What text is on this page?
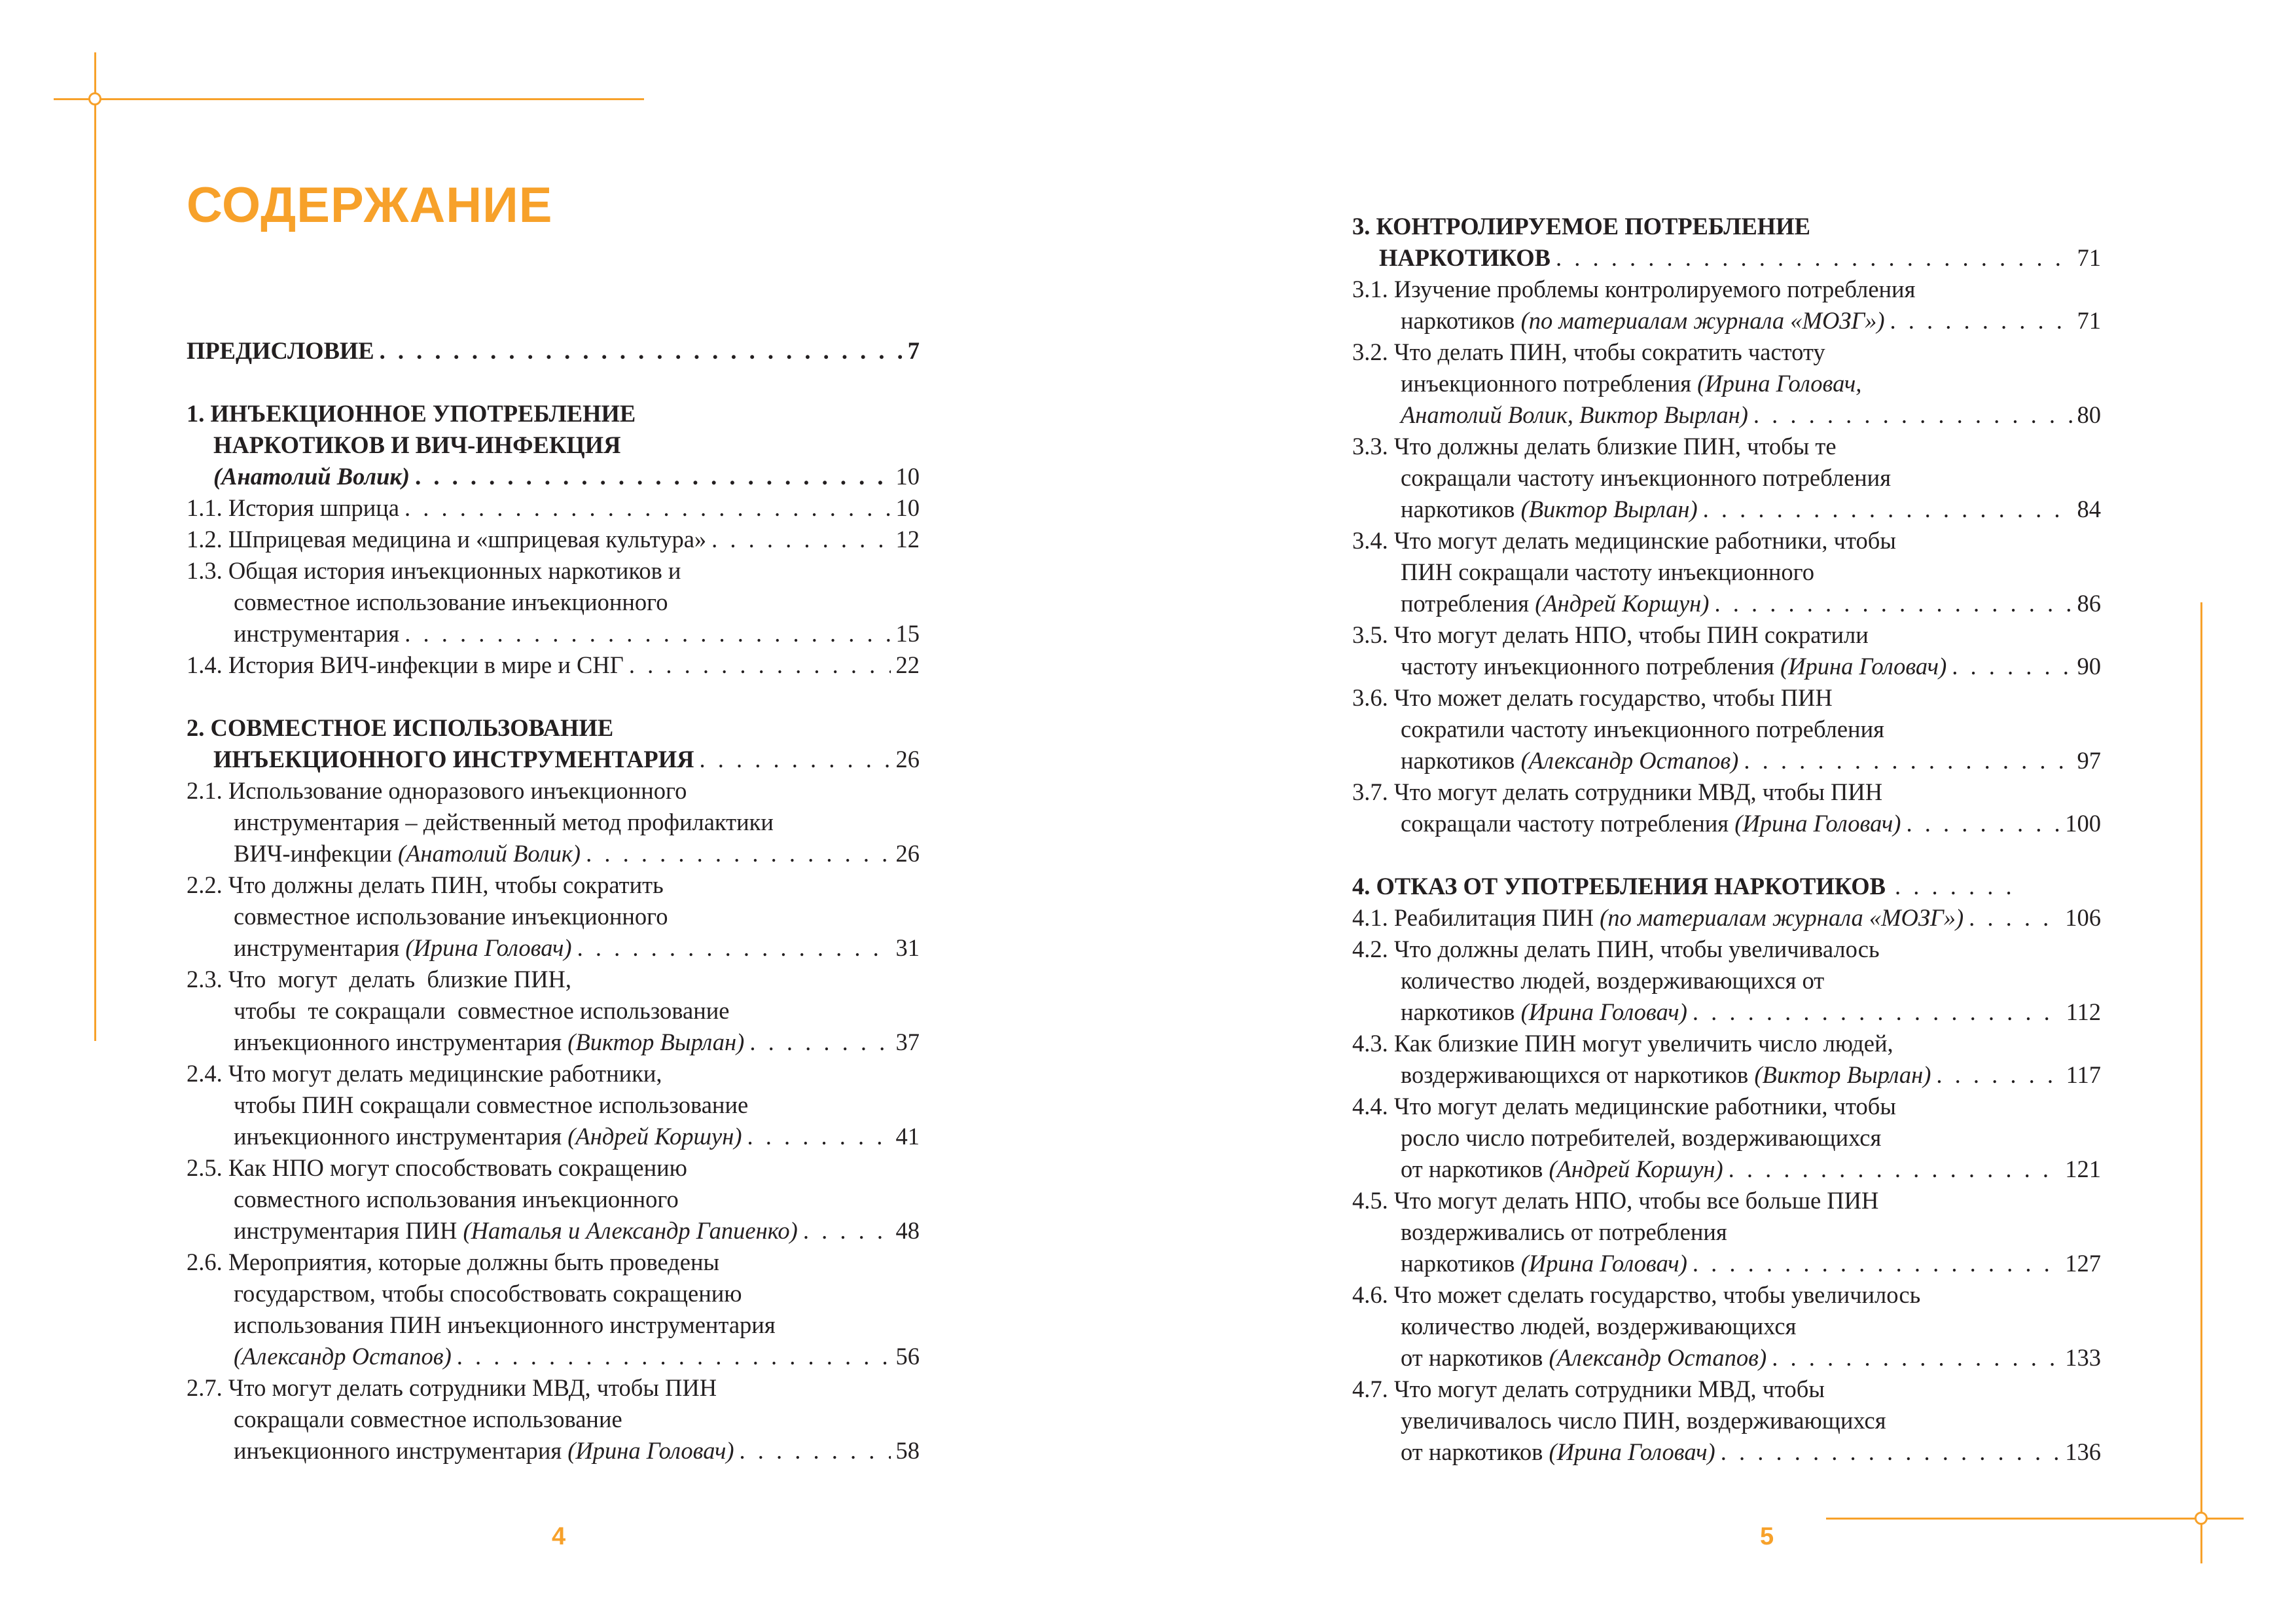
СОДЕРЖАНИЕ
ПРЕДИСЛОВИЕ . . .	7
1. ИНЪЕКЦИОННОЕ УПОТРЕБЛЕНИЕ
НАРКОТИКОВ И ВИЧ-ИНФЕКЦИЯ
(Анатолий Волик) . . .	10
1.1. История шприца . . .	10
1.2. Шприцевая медицина и «шприцевая культура» . . .	12
1.3. Общая история инъекционных наркотиков и
совместное использование инъекционного
инструментария . . .	15
1.4. История ВИЧ-инфекции в мире и СНГ . . .	22
2. СОВМЕСТНОЕ ИСПОЛЬЗОВАНИЕ
ИНЪЕКЦИОННОГО ИНСТРУМЕНТАРИЯ . . .	26
2.1. Использование одноразового инъекционного
инструментария – действенный метод профилактики
ВИЧ-инфекции (Анатолий Волик) . . .	26
2.2. Что должны делать ПИН, чтобы сократить
совместное использование инъекционного
инструментария (Ирина Головач) . . .	31
2.3. Что  могут  делать  близкие ПИН,
чтобы  те сокращали  совместное использование
инъекционного инструментария (Виктор Вырлан) . . .	37
2.4. Что могут делать медицинские работники,
чтобы ПИН сокращали совместное использование
инъекционного инструментария (Андрей Коршун) . . .	41
2.5. Как НПО могут способствовать сокращению
совместного использования инъекционного
инструментария ПИН (Наталья и Александр Гапиенко) . . .	48
2.6. Мероприятия, которые должны быть проведены
государством, чтобы способствовать сокращению
использования ПИН инъекционного инструментария
(Александр Остапов) . . .	56
2.7. Что могут делать сотрудники МВД, чтобы ПИН
сокращали совместное использование
инъекционного инструментария (Ирина Головач) . . .	58
3. КОНТРОЛИРУЕМОЕ ПОТРЕБЛЕНИЕ
НАРКОТИКОВ . . .	71
3.1. Изучение проблемы контролируемого потребления
наркотиков (по материалам журнала «МОЗГ») . . .	71
3.2. Что делать ПИН, чтобы сократить частоту
инъекционного потребления (Ирина Головач,
Анатолий Волик, Виктор Вырлан) . . .	80
3.3. Что должны делать близкие ПИН, чтобы те
сокращали частоту инъекционного потребления
наркотиков (Виктор Вырлан) . . .	84
3.4. Что могут делать медицинские работники, чтобы
ПИН сокращали частоту инъекционного
потребления (Андрей Коршун) . . .	86
3.5. Что могут делать НПО, чтобы ПИН сократили
частоту инъекционного потребления (Ирина Головач) . . .	90
3.6. Что может делать государство, чтобы ПИН
сократили частоту инъекционного потребления
наркотиков (Александр Остапов) . . .	97
3.7. Что могут делать сотрудники МВД, чтобы ПИН
сокращали частоту потребления (Ирина Головач) . . .	100
4. ОТКАЗ ОТ УПОТРЕБЛЕНИЯ НАРКОТИКОВ . . . . . . .
4.1. Реабилитация ПИН (по материалам журнала «МОЗГ») . . .	106
4.2. Что должны делать ПИН, чтобы увеличивалось
количество людей, воздерживающихся от
наркотиков (Ирина Головач) . . .	112
4.3. Как близкие ПИН могут увеличить число людей,
воздерживающихся от наркотиков (Виктор Вырлан) . . .	117
4.4. Что могут делать медицинские работники, чтобы
росло число потребителей, воздерживающихся
от наркотиков (Андрей Коршун) . . .	121
4.5. Что могут делать НПО, чтобы все больше ПИН
воздерживались от потребления
наркотиков (Ирина Головач) . . .	127
4.6. Что может сделать государство, чтобы увеличилось
количество людей, воздерживающихся
от наркотиков (Александр Остапов) . . .	133
4.7. Что могут делать сотрудники МВД, чтобы
увеличивалось число ПИН, воздерживающихся
от наркотиков (Ирина Головач) . . .	136
4	5
